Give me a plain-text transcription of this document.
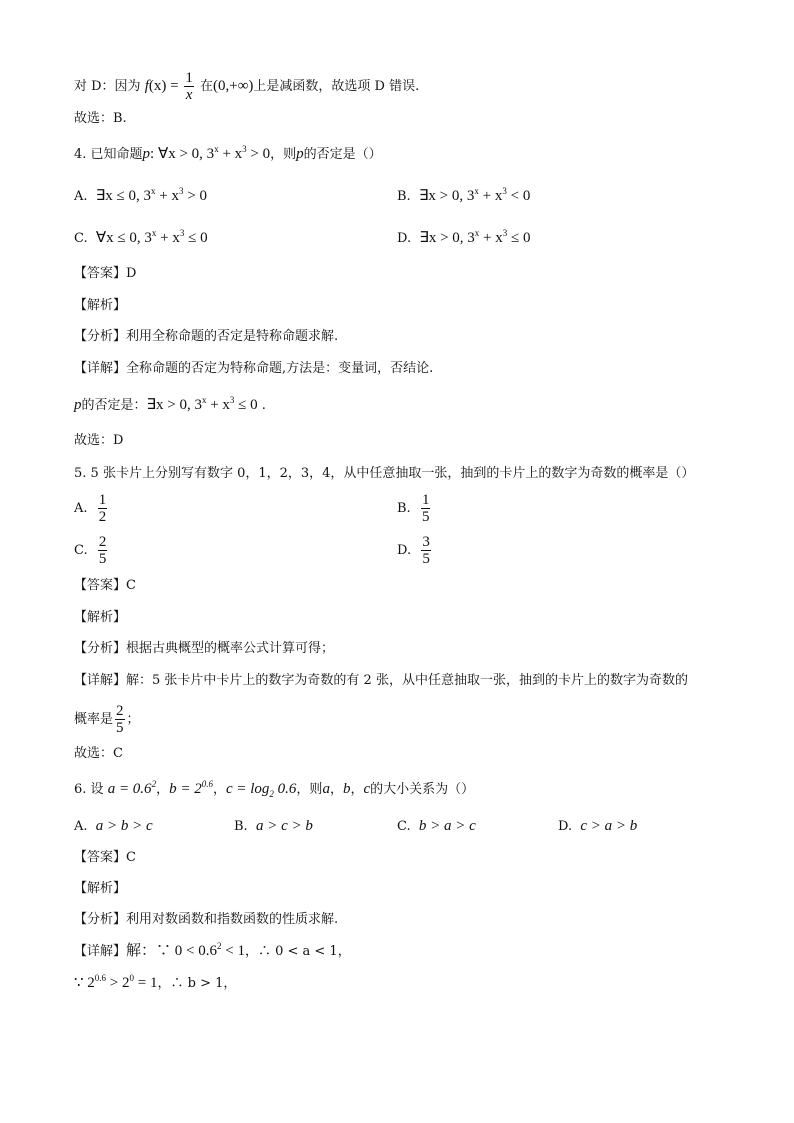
对 D：因为 $f(x) = \frac{1}{x}$ 在(0,+∞)上是减函数，故选项 D 错误.
故选：B.
4. 已知命题p: ∀x > 0, $3^x + x^3 > 0$，则p的否定是（）
A. ∃x ≤ 0, $3^x + x^3 > 0$	B. ∃x > 0, $3^x + x^3 < 0$
C. ∀x ≤ 0, $3^x + x^3 \le 0$	D. ∃x > 0, $3^x + x^3 \le 0$
【答案】D
【解析】
【分析】利用全称命题的否定是特称命题求解.
【详解】全称命题的否定为特称命题,方法是：变量词，否结论.
p的否定是：∃x > 0, $3^x + x^3 \le 0$ .
故选：D
5. 5 张卡片上分别写有数字 0，1，2，3，4，从中任意抽取一张，抽到的卡片上的数字为奇数的概率是（）
A. $\frac{1}{2}$	B. $\frac{1}{5}$
C. $\frac{2}{5}$	D. $\frac{3}{5}$
【答案】C
【解析】
【分析】根据古典概型的概率公式计算可得；
【详解】解：5 张卡片中卡片上的数字为奇数的有 2 张，从中任意抽取一张，抽到的卡片上的数字为奇数的
概率是 $\frac{2}{5}$ ；
故选：C
6. 设 $a = 0.6^2$，$b = 2^{0.6}$，$c = \log_2 0.6$，则a，b，c的大小关系为（）
A. a > b > c	B. a > c > b	C. b > a > c	D. c > a > b
【答案】C
【解析】
【分析】利用对数函数和指数函数的性质求解.
【详解】解：∵ $0 < 0.6^2 < 1$，∴ 0 < a < 1，
∵ $2^{0.6} > 2^0 = 1$，∴ b > 1，
